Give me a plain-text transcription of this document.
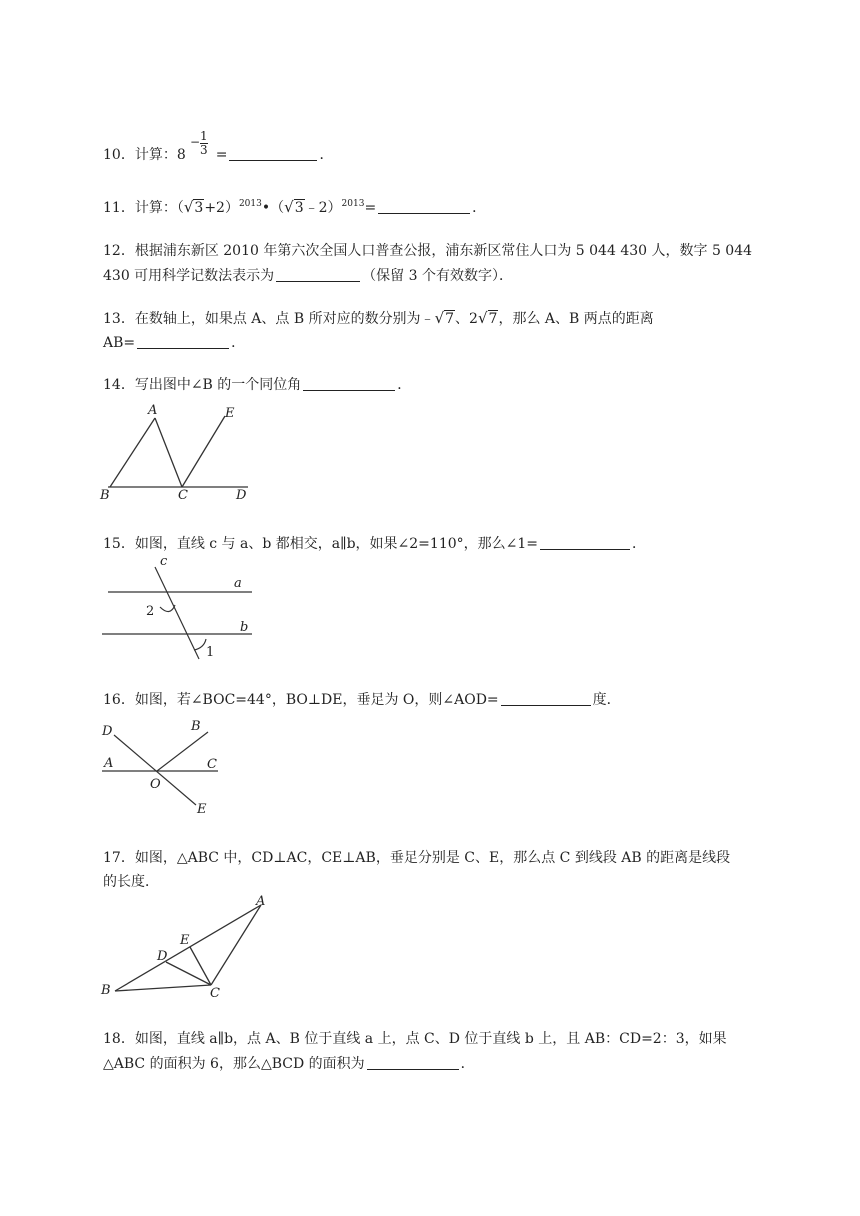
10．计算：8 =	．
− 1
3
11．计算：$(√3+2)^{2013}•(√3﹣2)^{2013}=$	．
12．根据浦东新区 2010 年第六次全国人口普查公报，浦东新区常住人口为 5 044 430 人，数字 5 044
430 可用科学记数法表示为	（保留 3 个有效数字）．
13．在数轴上，如果点 A、点 B 所对应的数分别为﹣√7、2√7，那么 A、B 两点的距离
AB=	．
14．写出图中∠B 的一个同位角	．
A	E
B	C	D
15．如图，直线 c 与 a、b 都相交，a∥b，如果∠2=110°，那么∠1=	．
c
a
b
2
1
16．如图，若∠BOC=44°，BO⊥DE，垂足为 O，则∠AOD=	度．
D	B
A	C
O
E
17．如图，△ABC 中，CD⊥AC，CE⊥AB，垂足分别是 C、E，那么点 C 到线段 AB 的距离是线段
的长度．
A
E
D
B	C
18．如图，直线 a∥b，点 A、B 位于直线 a 上，点 C、D 位于直线 b 上，且 AB：CD=2：3，如果
△ABC 的面积为 6，那么△BCD 的面积为	．
